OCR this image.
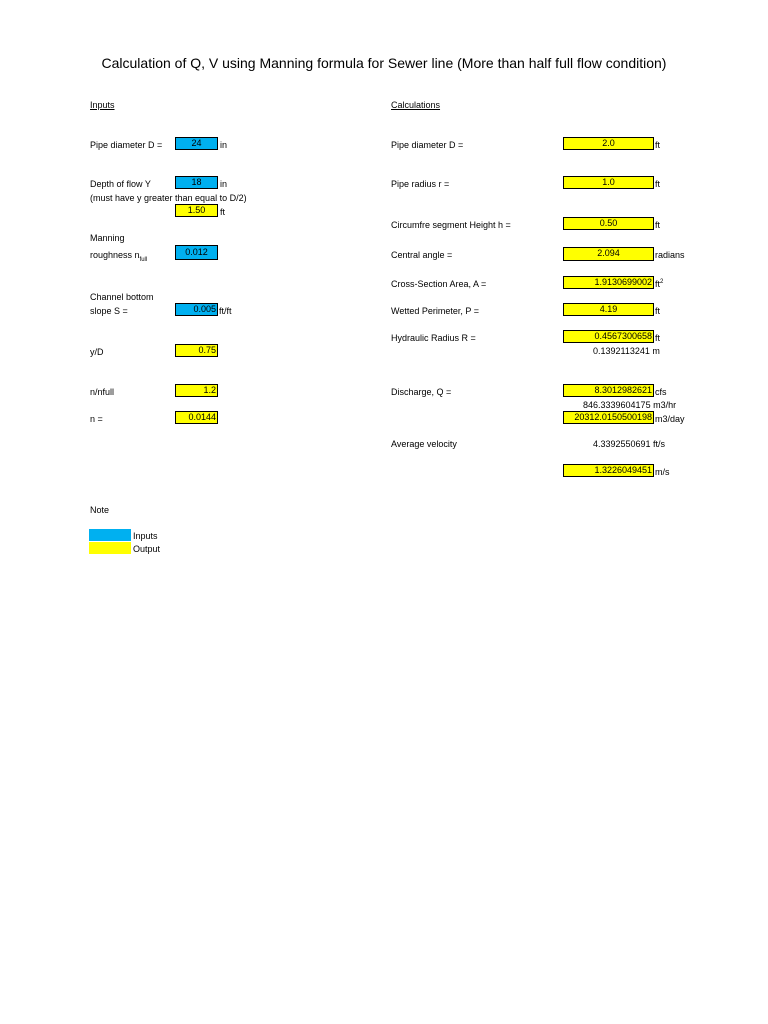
Calculation of Q, V using Manning formula for Sewer line (More than half full flow condition)
Inputs
Pipe diameter D =	24	in
Depth of flow Y	18	in
(must have y greater than equal to D/2)
1.50	ft
Manning
roughness $n_{full}$
0.012
Channel bottom
slope S =	0.005 ft/ft
y/D	0.75
n/nfull	1.2
n =	0.0144
Calculations
Pipe diameter D =	2.0	ft
Pipe radius r =	1.0	ft
Circumfre segment Height h =	0.50	ft
Central angle =	2.094	radians
Cross-Section Area, A =	1.9130699002 $ft^2$
Wetted Perimeter, P =	4.19	ft
Hydraulic Radius R =	0.4567300658 ft
0.1392113241 m
Discharge, Q =	8.3012982621 cfs
846.3339604175 m3/hr
20312.0150500198 m3/day
Average velocity	4.3392550691 ft/s
1.3226049451 m/s
Note
Inputs
Output
